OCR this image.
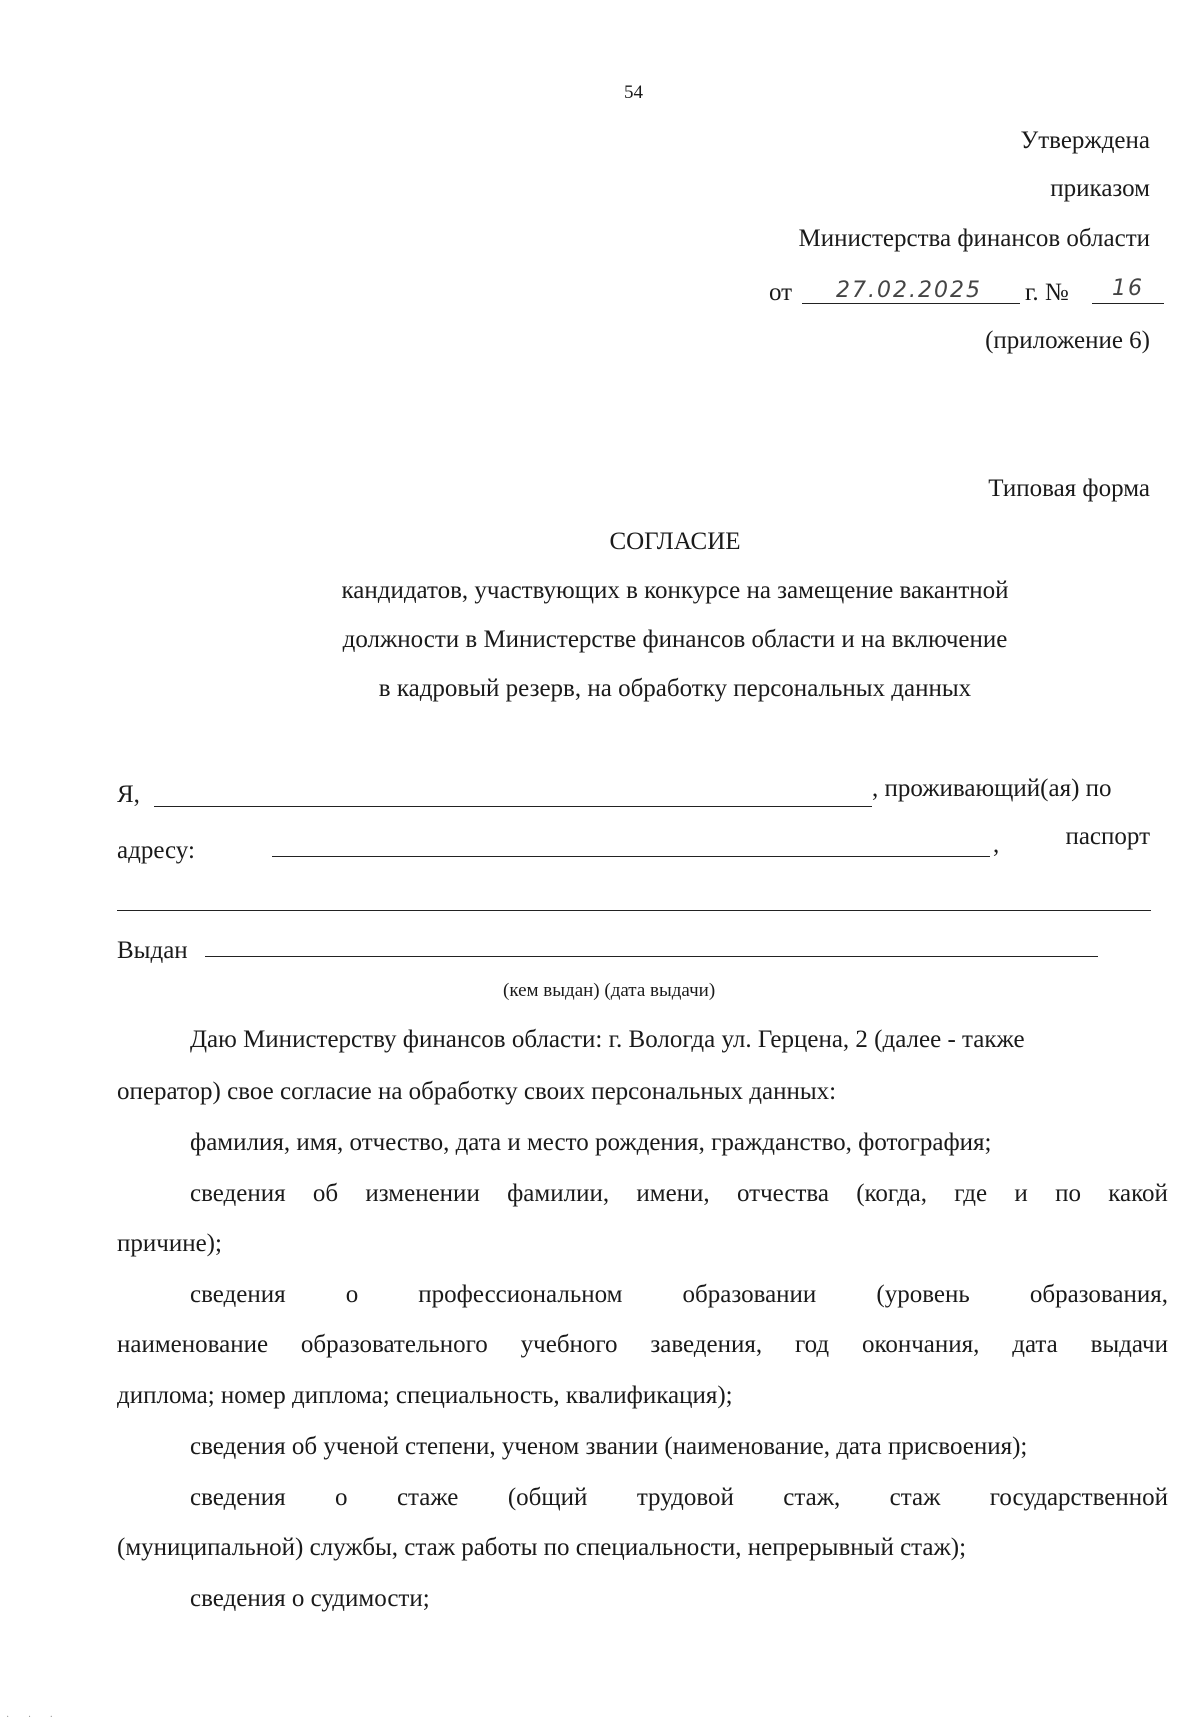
54
Утверждена
приказом
Министерства финансов области
от 27.02.2025 г. № 16
(приложение 6)
Типовая форма
СОГЛАСИЕ
кандидатов, участвующих в конкурсе на замещение вакантной
должности в Министерстве финансов области и на включение
в кадровый резерв, на обработку персональных данных
Я,	, проживающий(ая) по
адресу:	,	паспорт
Выдан
(кем выдан) (дата выдачи)
Даю Министерству финансов области: г. Вологда ул. Герцена, 2 (далее - также
оператор) свое согласие на обработку своих персональных данных:
фамилия, имя, отчество, дата и место рождения, гражданство, фотография;
сведения об изменении фамилии, имени, отчества (когда, где и по какой
причине);
сведения о профессиональном образовании (уровень образования,
наименование образовательного учебного заведения, год окончания, дата выдачи
диплома; номер диплома; специальность, квалификация);
сведения об ученой степени, ученом звании (наименование, дата присвоения);
сведения о стаже (общий трудовой стаж, стаж государственной
(муниципальной) службы, стаж работы по специальности, непрерывный стаж);
сведения о судимости;
· · ·
